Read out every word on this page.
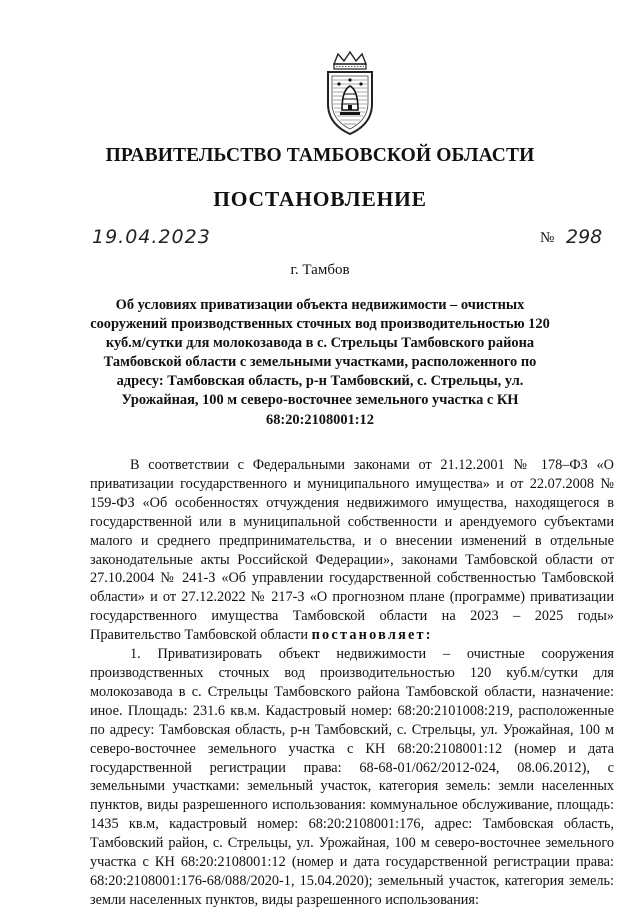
ПРАВИТЕЛЬСТВО ТАМБОВСКОЙ ОБЛАСТИ
ПОСТАНОВЛЕНИЕ
19.04.2023	№ 298
г. Тамбов
Об условиях приватизации объекта недвижимости – очистных сооружений производственных сточных вод производительностью 120 куб.м/сутки для молокозавода в с. Стрельцы Тамбовского района Тамбовской области с земельными участками, расположенного по адресу: Тамбовская область, р-н Тамбовский, с. Стрельцы, ул. Урожайная, 100 м северо-восточнее земельного участка с КН 68:20:2108001:12

В соответствии с Федеральными законами от 21.12.2001 № 178–ФЗ «О приватизации государственного и муниципального имущества» и от 22.07.2008 № 159-ФЗ «Об особенностях отчуждения недвижимого имущества, находящегося в государственной или в муниципальной собственности и арендуемого субъектами малого и среднего предпринимательства, и о внесении изменений в отдельные законодательные акты Российской Федерации», законами Тамбовской области от 27.10.2004 № 241-З «Об управлении государственной собственностью Тамбовской области» и от 27.12.2022 № 217-З «О прогнозном плане (программе) приватизации государственного имущества Тамбовской области на 2023 – 2025 годы» Правительство Тамбовской области постановляет:

1. Приватизировать объект недвижимости – очистные сооружения производственных сточных вод производительностью 120 куб.м/сутки для молокозавода в с. Стрельцы Тамбовского района Тамбовской области, назначение: иное. Площадь: 231.6 кв.м. Кадастровый номер: 68:20:2101008:219, расположенные по адресу: Тамбовская область, р-н Тамбовский, с. Стрельцы, ул. Урожайная, 100 м северо-восточнее земельного участка с КН 68:20:2108001:12 (номер и дата государственной регистрации права: 68-68-01/062/2012-024, 08.06.2012), с земельными участками: земельный участок, категория земель: земли населенных пунктов, виды разрешенного использования: коммунальное обслуживание, площадь: 1435 кв.м, кадастровый номер: 68:20:2108001:176, адрес: Тамбовская область, Тамбовский район, с. Стрельцы, ул. Урожайная, 100 м северо-восточнее земельного участка с КН 68:20:2108001:12 (номер и дата государственной регистрации права: 68:20:2108001:176-68/088/2020-1, 15.04.2020); земельный участок, категория земель: земли населенных пунктов, виды разрешенного использования:
